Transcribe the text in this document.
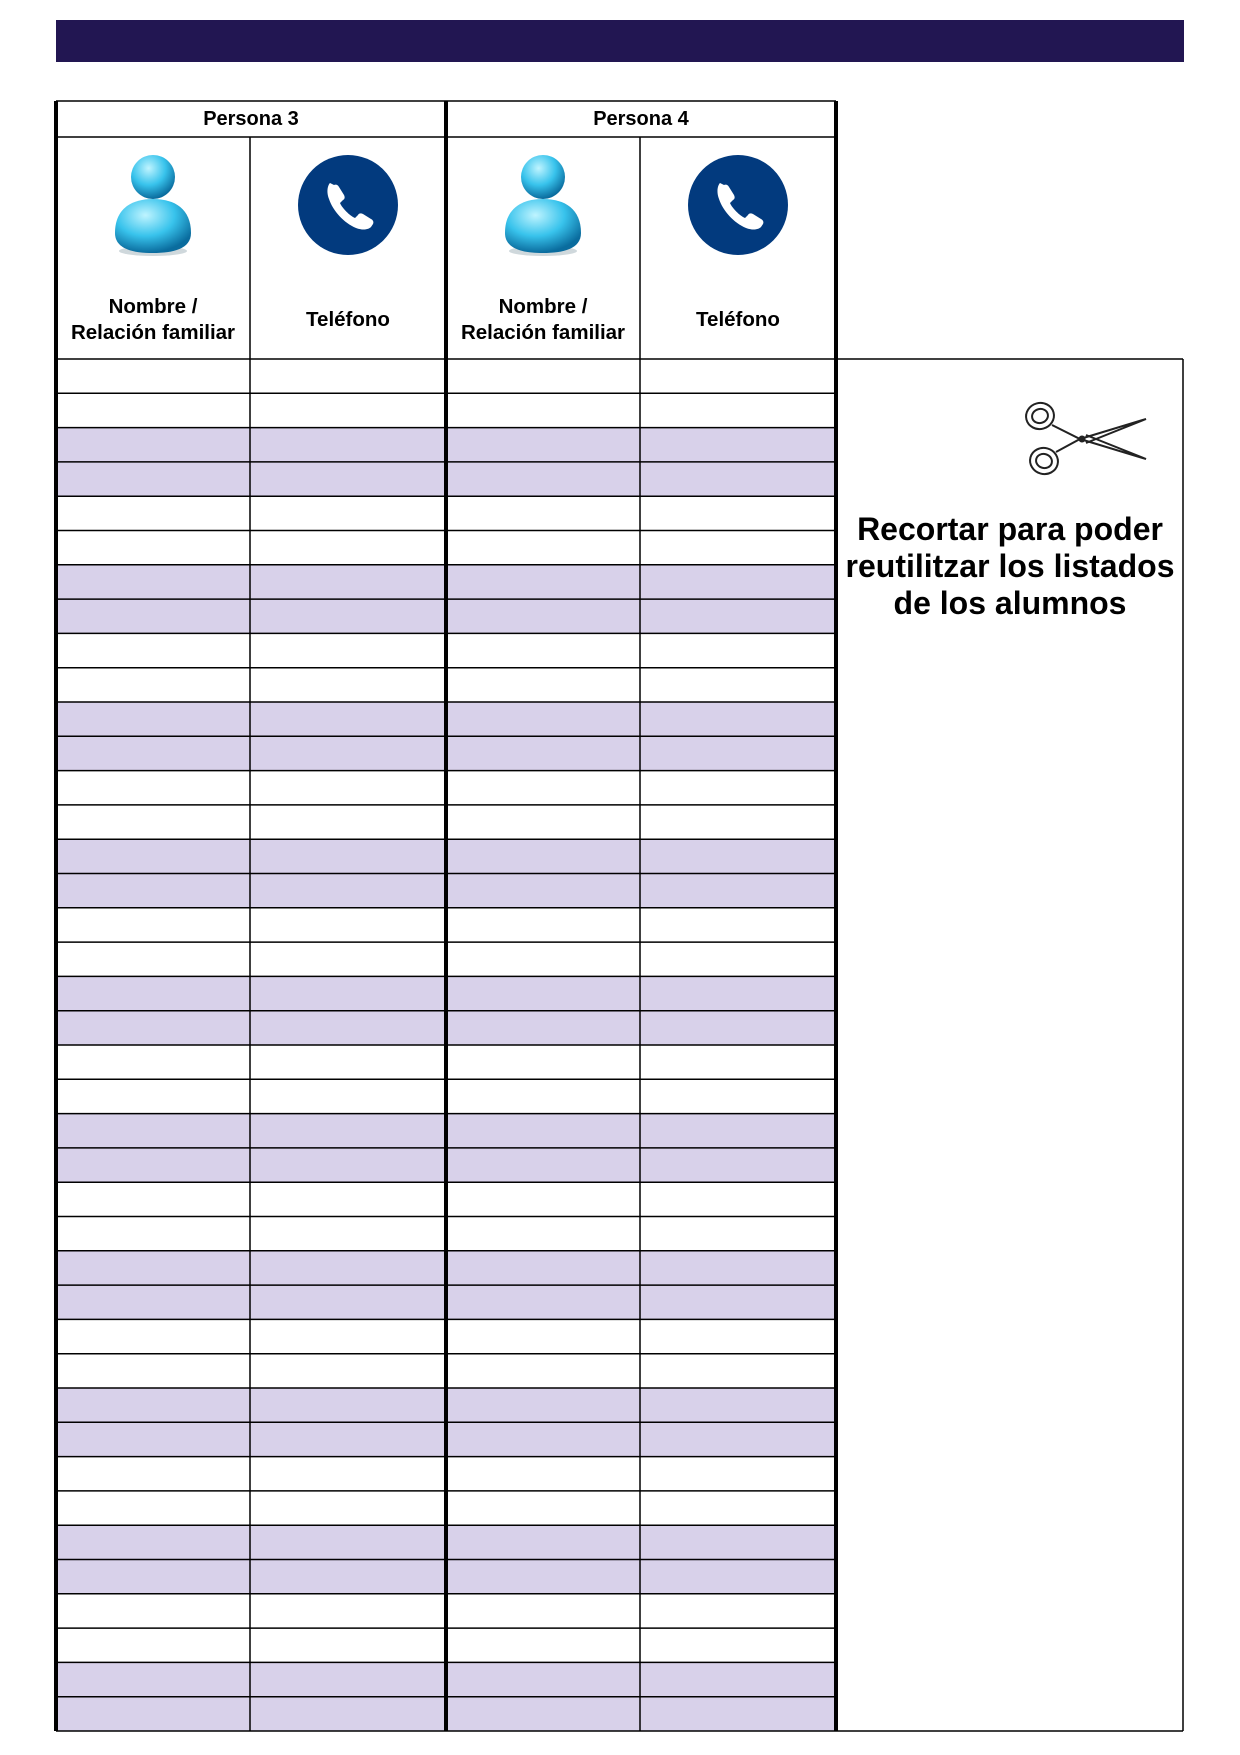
Persona 3	Persona 4
Nombre /
Relación familiar
Teléfono
Nombre /
Relación familiar
Teléfono
Recortar para poder reutilitzar los listados de los alumnos
